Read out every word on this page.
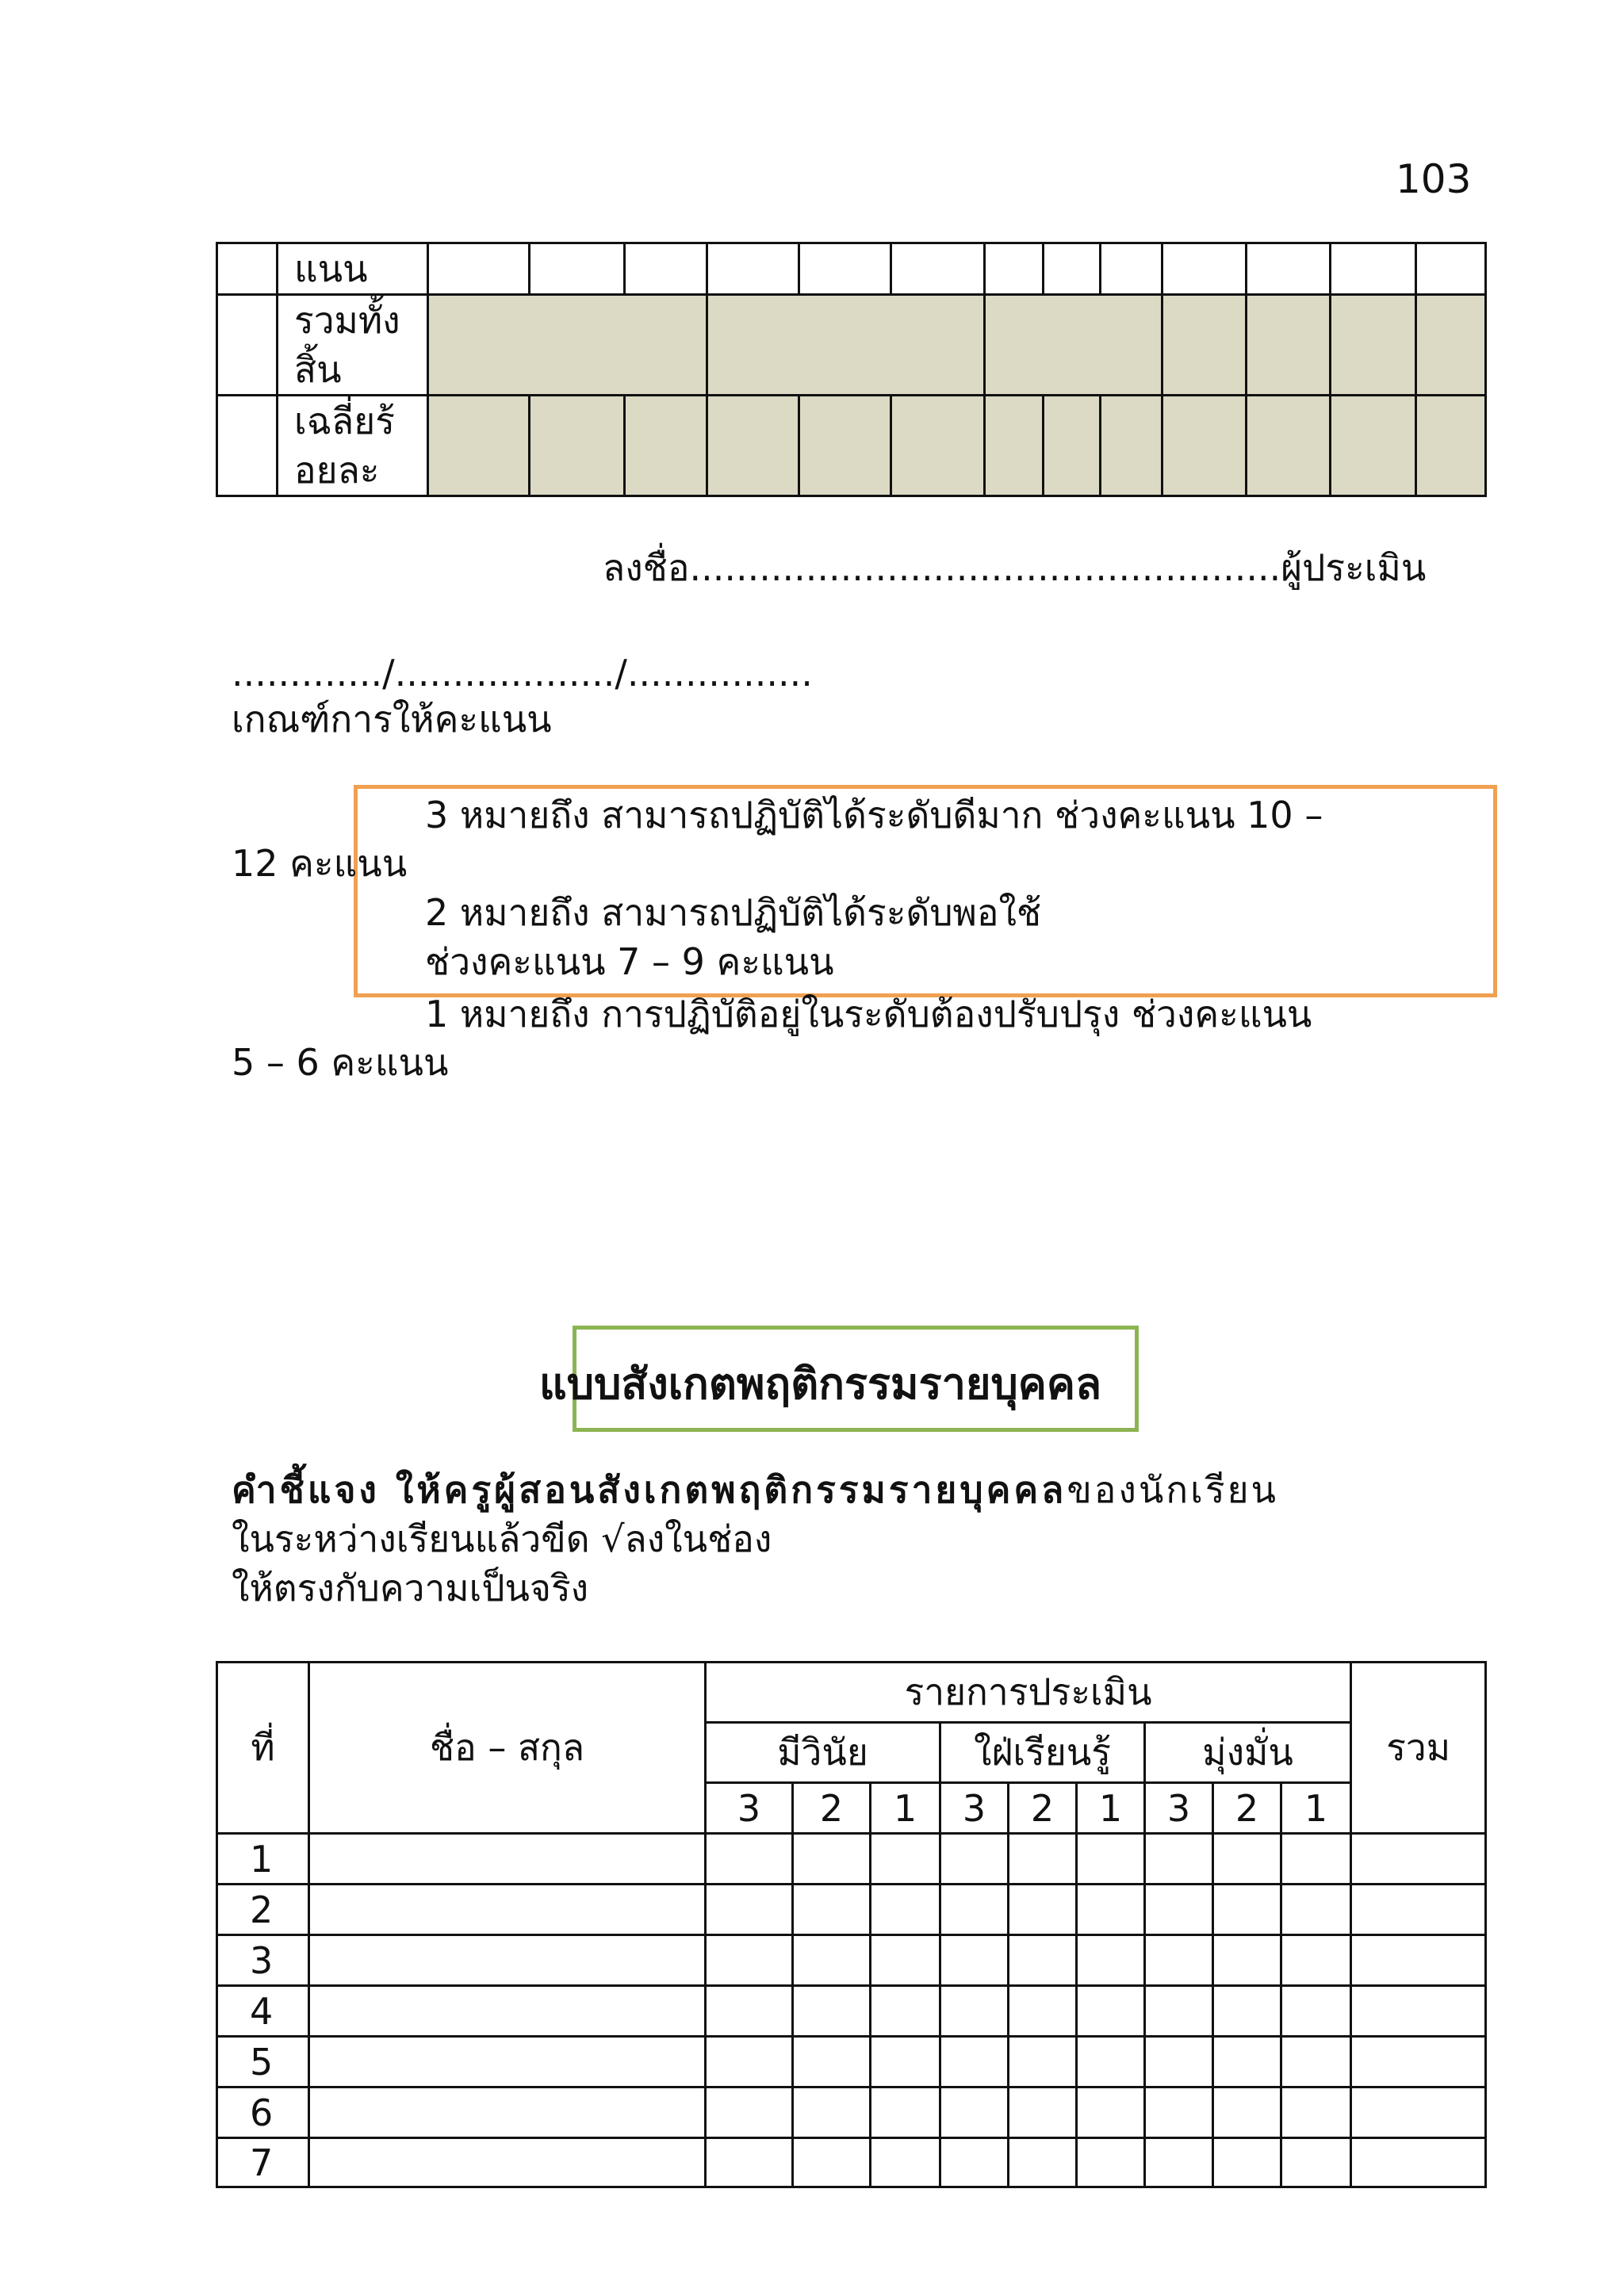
103
	แนน													

	รวมทั้ง
สิ้น													

	เฉลี่ยร้
อยละ													

ลงชื่อ...................................................ผู้ประเมิน
............./.................../................
เกณฑ์การให้คะแนน
3 หมายถึง สามารถปฏิบัติได้ระดับดีมาก ช่วงคะแนน 10 –
12 คะแนน
2 หมายถึง สามารถปฏิบัติได้ระดับพอใช้
ช่วงคะแนน 7 – 9 คะแนน
1 หมายถึง การปฏิบัติอยู่ในระดับต้องปรับปรุง ช่วงคะแนน
5 – 6 คะแนน
แบบสังเกตพฤติกรรมรายบุคคล
คำชี้แจง ให้ครูผู้สอนสังเกตพฤติกรรมรายบุคคลของนักเรียน
ในระหว่างเรียนแล้วขีด √ลงในช่อง
ให้ตรงกับความเป็นจริง
ที่	ชื่อ – สกุล	รายการประเมิน									รวม
		มีวินัย			ใฝ่เรียนรู้			มุ่งมั่น			
		3	2	1	3	2	1	3	2	1	
1											
2											
3											
4											
5											
6											
7											
